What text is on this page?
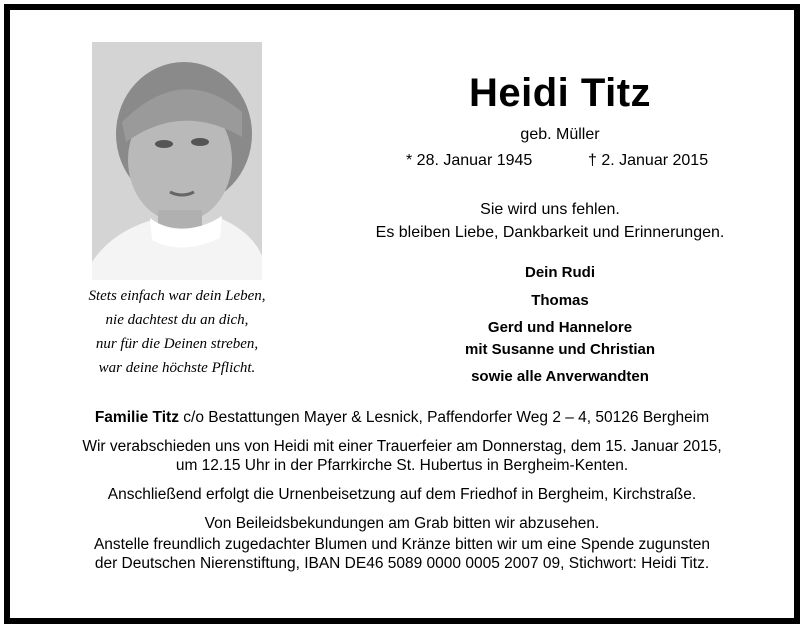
Stets einfach war dein Leben,
nie dachtest du an dich,
nur für die Deinen streben,
war deine höchste Pflicht.
Heidi Titz
geb. Müller
* 28. Januar 1945	† 2. Januar 2015
Sie wird uns fehlen.
Es bleiben Liebe, Dankbarkeit und Erinnerungen.
Dein Rudi
Thomas
Gerd und Hannelore
mit Susanne und Christian
sowie alle Anverwandten

Familie Titz c/o Bestattungen Mayer & Lesnick, Paffendorfer Weg 2 – 4, 50126 Bergheim

Wir verabschieden uns von Heidi mit einer Trauerfeier am Donnerstag, dem 15. Januar 2015,

um 12.15 Uhr in der Pfarrkirche St. Hubertus in Bergheim-Kenten.

Anschließend erfolgt die Urnenbeisetzung auf dem Friedhof in Bergheim, Kirchstraße.

Von Beileidsbekundungen am Grab bitten wir abzusehen.

Anstelle freundlich zugedachter Blumen und Kränze bitten wir um eine Spende zugunsten

der Deutschen Nierenstiftung, IBAN DE46 5089 0000 0005 2007 09, Stichwort: Heidi Titz.
